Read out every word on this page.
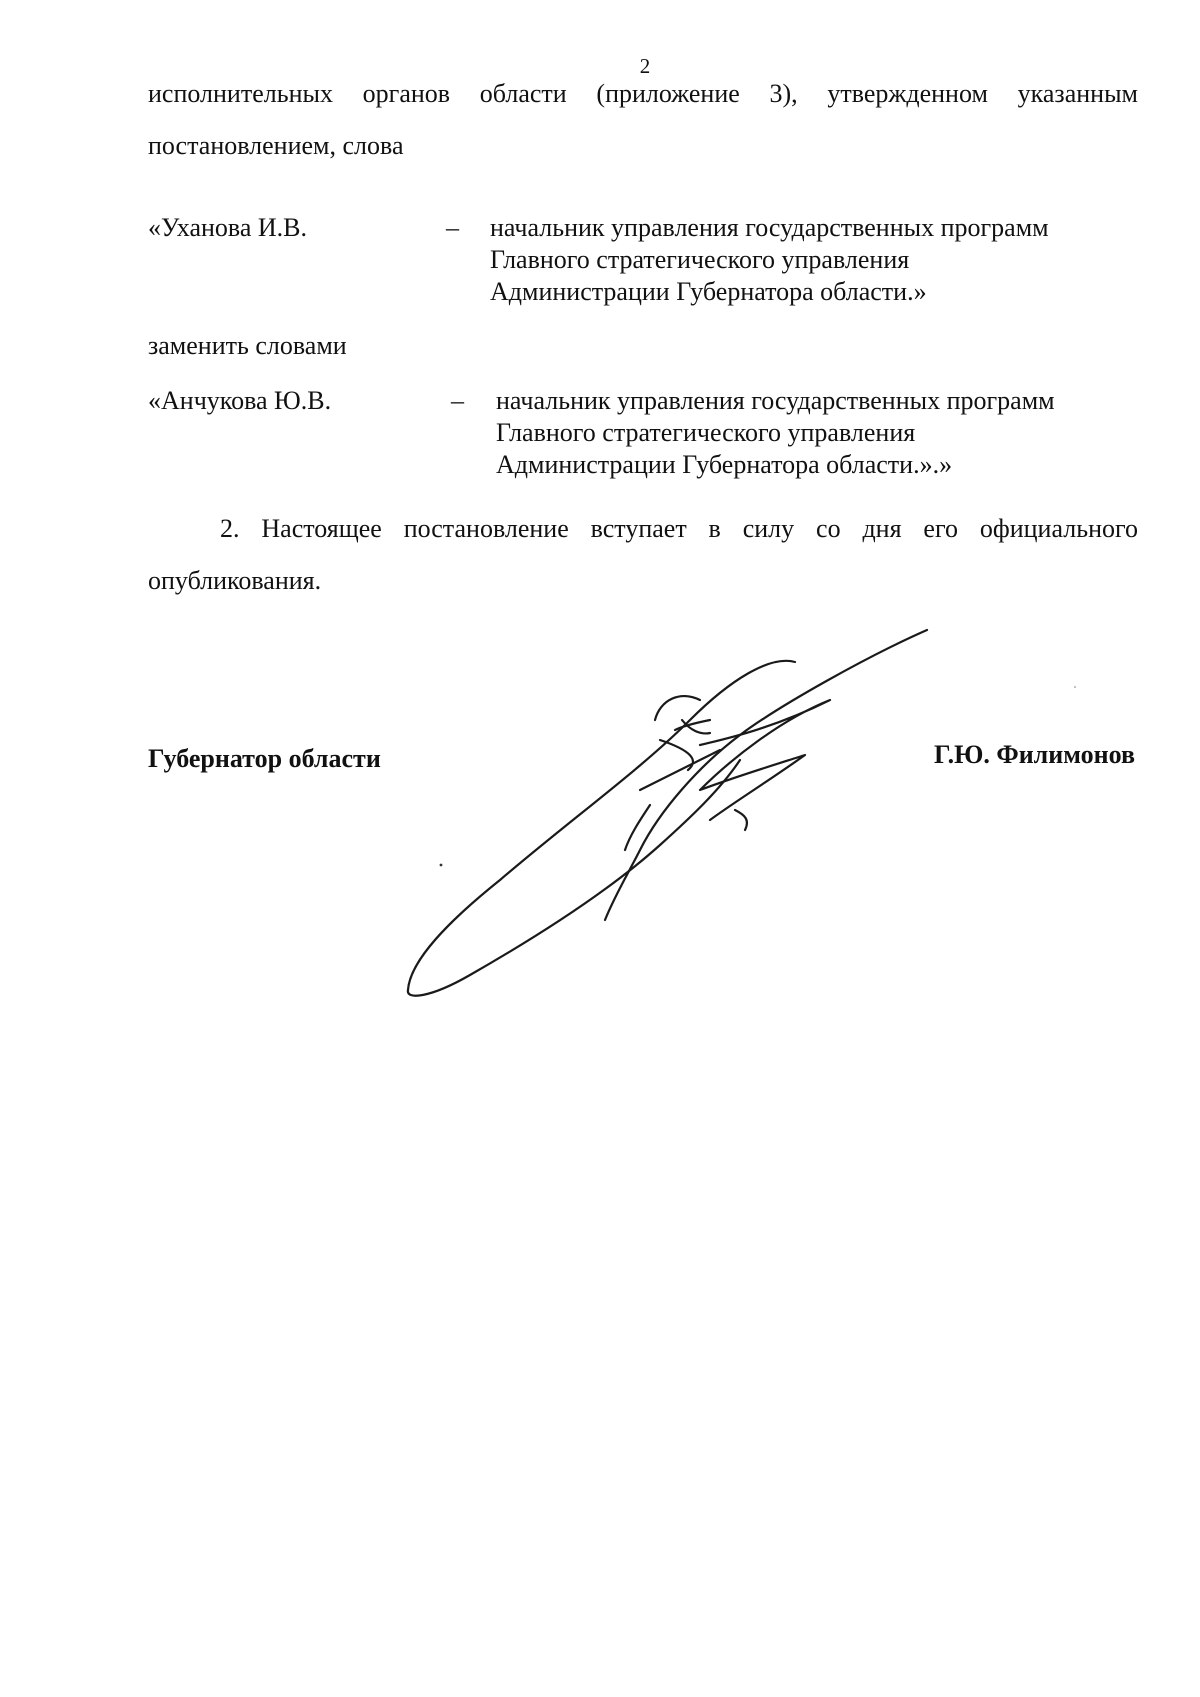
2
исполнительных органов области (приложение 3), утвержденном указанным
постановлением, слова
«Уханова И.В.	– начальник управления государственных программ
Главного стратегического управления
Администрации Губернатора области.»
заменить словами
«Анчукова Ю.В.	– начальник управления государственных программ
Главного стратегического управления
Администрации Губернатора области.».»
2. Настоящее постановление вступает в силу со дня его официального опубликования.
Губернатор области	Г.Ю. Филимонов
